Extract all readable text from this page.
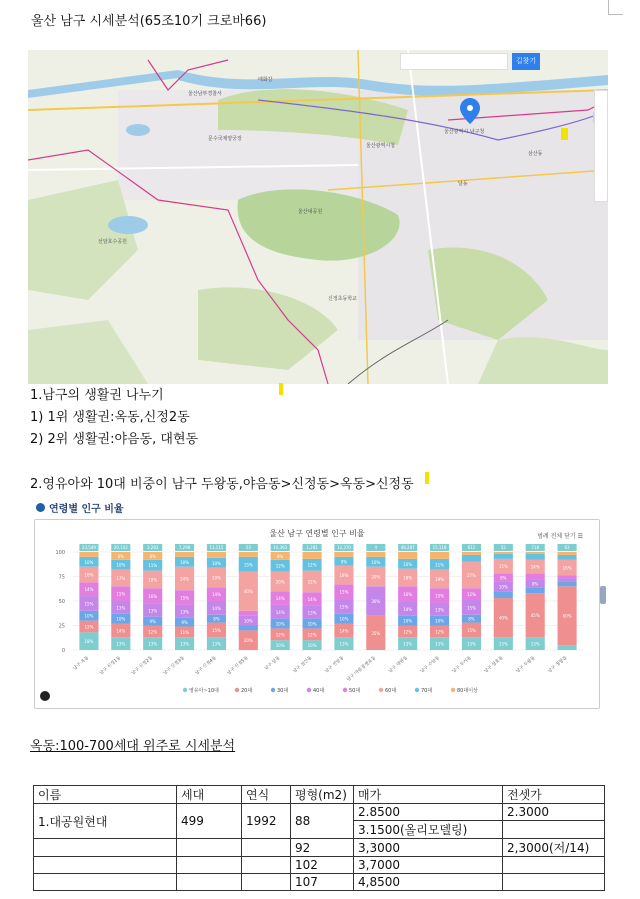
울산 남구 시세분석(65조10기 크로바66)
길찾기
울산광역시 남구청
울산광역시청
태화강
울산대공원
울산남부경찰서
문수국제양궁장
선암호수공원
신정초등학교
삼산동
달동
1.남구의 생활권 나누기
1) 1위 생활권:옥동,신정2동
2) 2위 생활권:야음동, 대현동
2.영유아와 10대 비중이 남구 두왕동,야음동>신정동>옥동>신정동
연령별 인구 비율
울산 남구 연령별 인구 비율	범례 전체 닫기 ☰
0
25
50
75
100
18%
12%
10%
15%
14%
16%
10%
23,549
남구 옥동
13%
14%
10%
13%
15%
17%
10%
8%
20,102
남구 신정1동
13%
12%
9%
13%
16%
18%
11%
8%
3,283
남구 신정2동
13%
11%
9%
13%
15%
24%
10%
7,298
남구 신정3동
13%
15%
8%
14%
14%
20%
10%
13,115
남구 신정4동
20%
10%
40%
15%
53
남구 신정5동
10%
12%
10%
14%
14%
20%
12%
8%
10,363
남구 달동
10%
12%
10%
13%
14%
22%
12%
1,281
남구 삼산동
13%
14%
10%
15%
15%
19%
9%
12,370
남구 선암동
35%
30%
20%
10%
4
남구 야음장생포동
13%
12%
10%
14%
16%
18%
10%
48,287
남구 대현동
13%
12%
10%
13%
15%
19%
11%
15,118
남구 수암동
13%
15%
8%
15%
12%
27%
612
남구 무거동
13%
40%
10%
8%
15%
52
남구 삼호동
13%
45%
8%
14%
718
남구 두왕동
60%
16%
63
남구 청량읍
영유아~10대	20대	30대	40대	50대	60대	70대	80대이상
옥동:100-700세대 위주로 시세분석
이름	세대	연식	평형(m2)	매가	전셋가
1.대공원현대	499	1992	88	2.8500	2.3000
				3.1500(올리모델링)	
			92	3,3000	2,3000(저/14)
			102	3,7000	
			107	4,8500	
